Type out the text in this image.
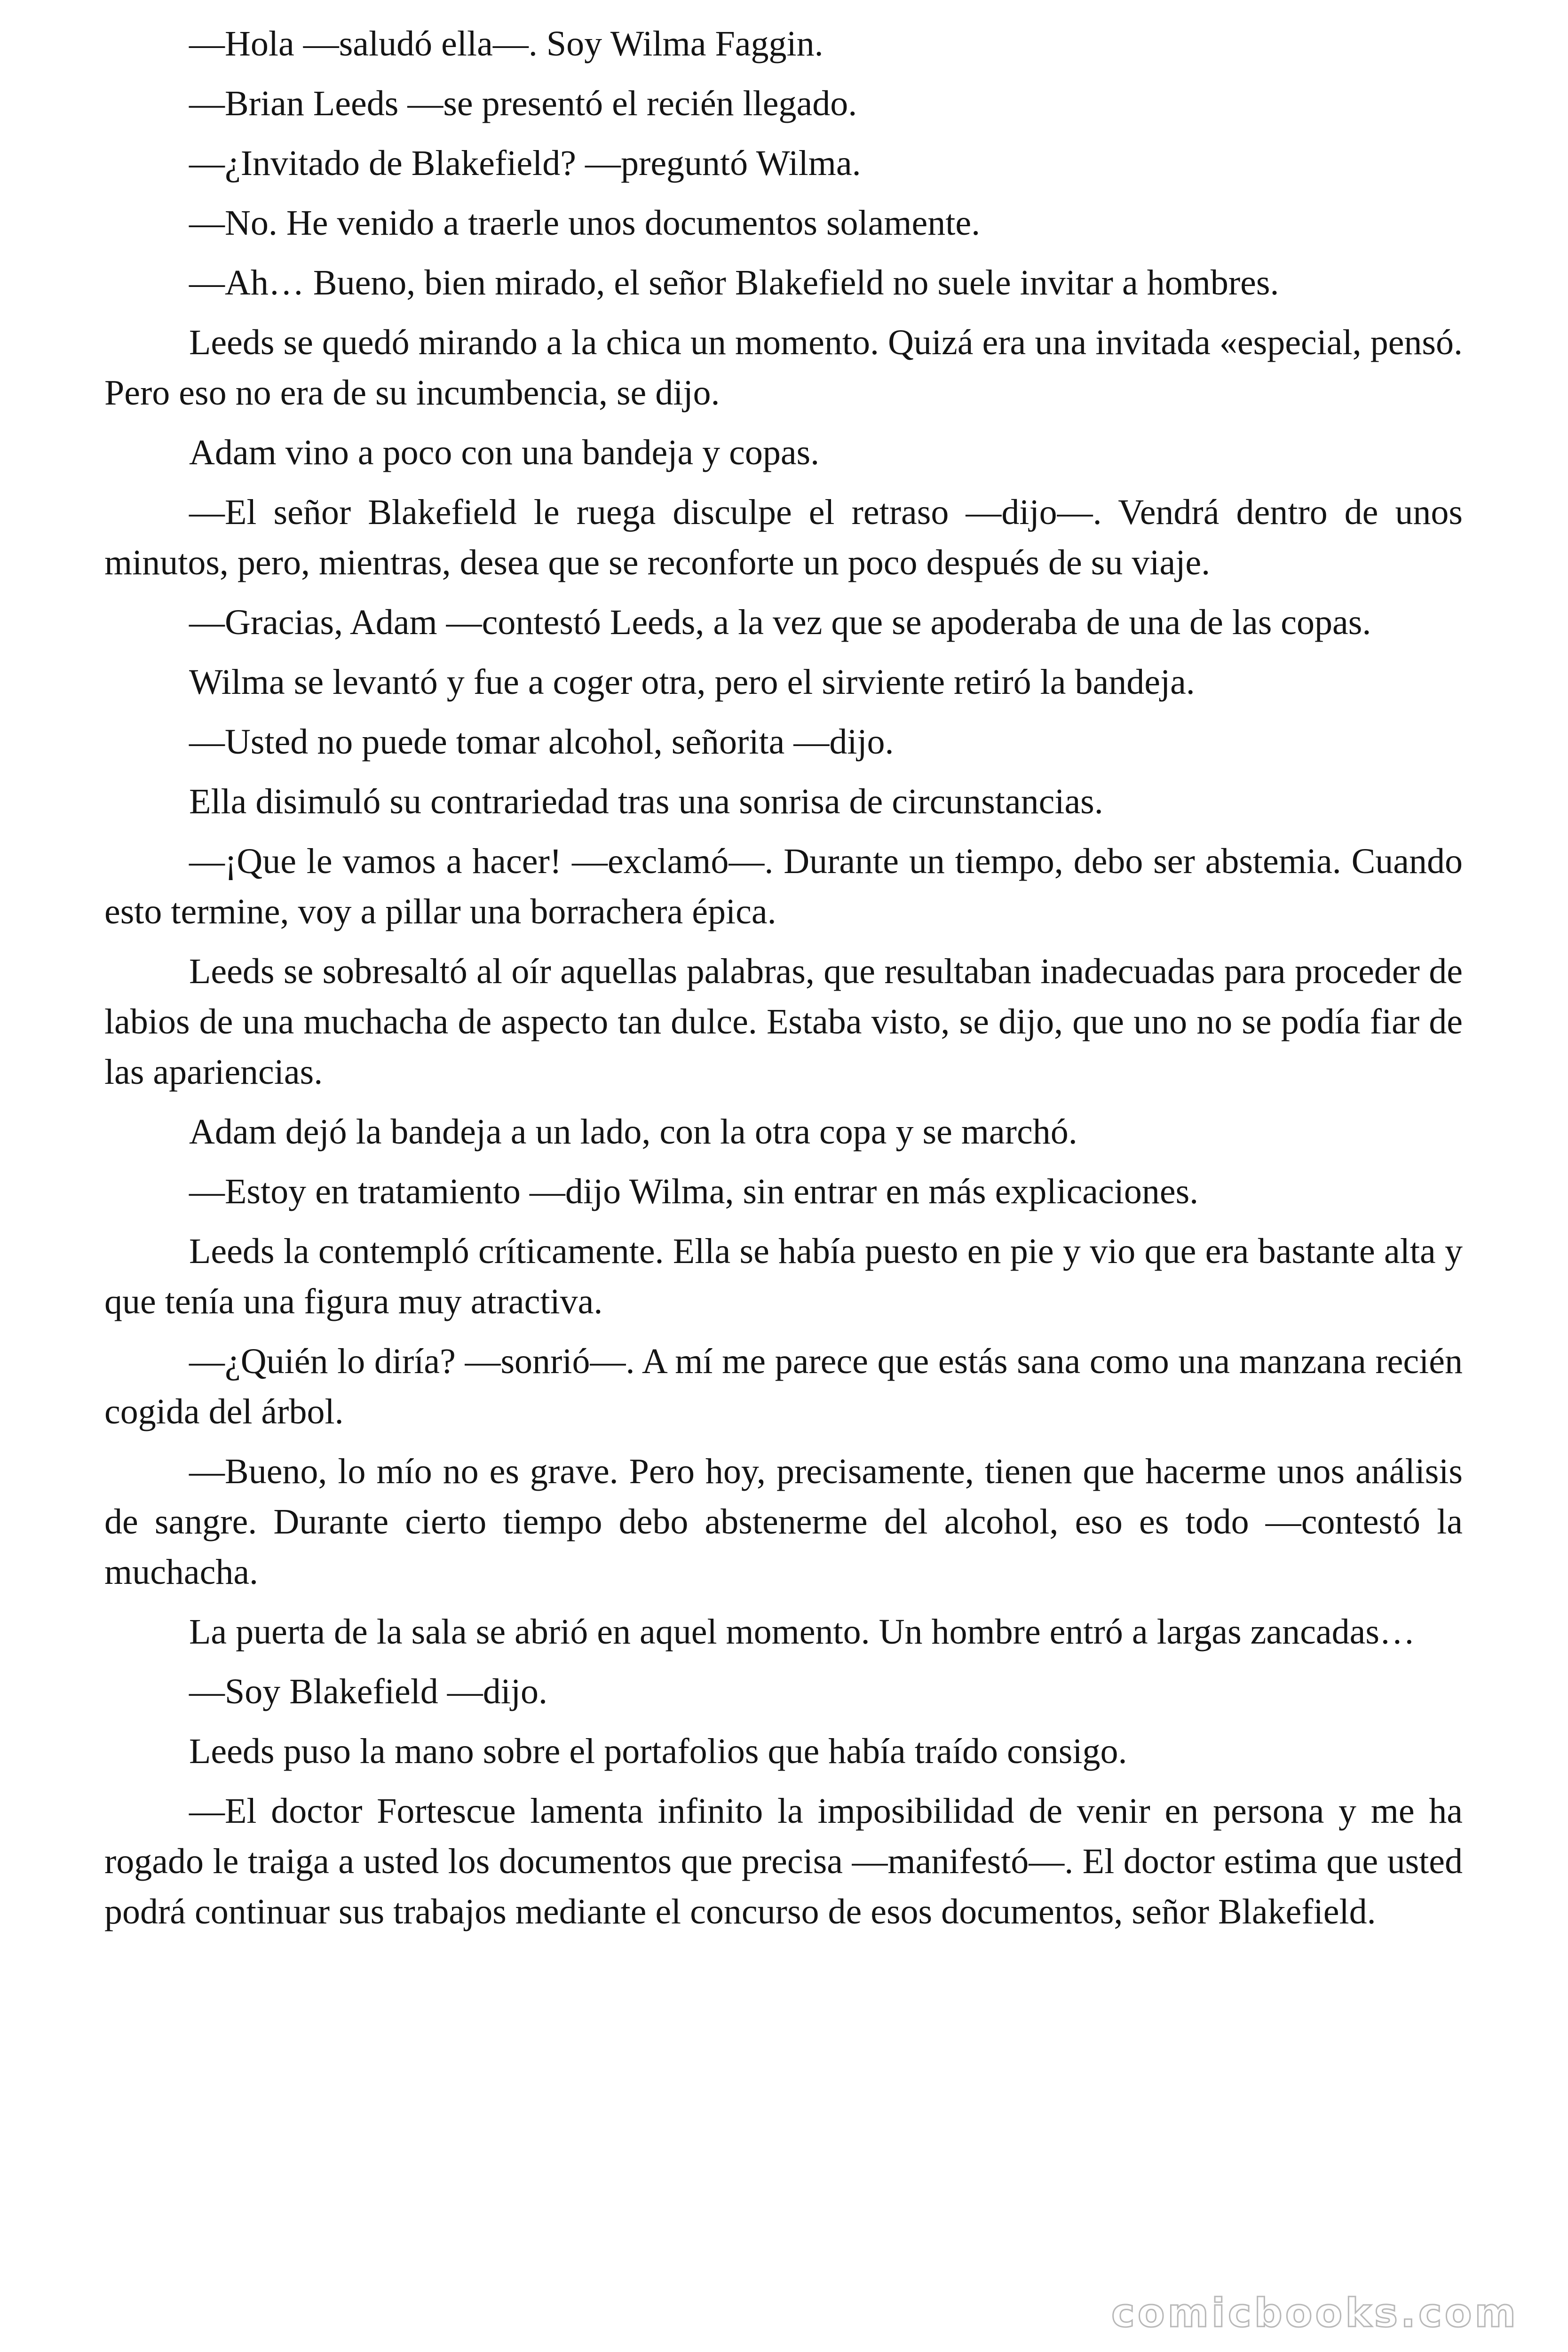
—Hola —saludó ella—. Soy Wilma Faggin.

—Brian Leeds —se presentó el recién llegado.

—¿Invitado de Blakefield? —preguntó Wilma.

—No. He venido a traerle unos documentos solamente.

—Ah… Bueno, bien mirado, el señor Blakefield no suele invitar a hombres.

Leeds se quedó mirando a la chica un momento. Quizá era una invitada «especial, pensó. Pero eso no era de su incumbencia, se dijo.

Adam vino a poco con una bandeja y copas.

—El señor Blakefield le ruega disculpe el retraso —dijo—. Vendrá dentro de unos minutos, pero, mientras, desea que se reconforte un poco después de su viaje.

—Gracias, Adam —contestó Leeds, a la vez que se apoderaba de una de las copas.

Wilma se levantó y fue a coger otra, pero el sirviente retiró la bandeja.

—Usted no puede tomar alcohol, señorita —dijo.

Ella disimuló su contrariedad tras una sonrisa de circunstancias.

—¡Que le vamos a hacer! —exclamó—. Durante un tiempo, debo ser abstemia. Cuando esto termine, voy a pillar una borrachera épica.

Leeds se sobresaltó al oír aquellas palabras, que resultaban inadecuadas para proceder de labios de una muchacha de aspecto tan dulce. Estaba visto, se dijo, que uno no se podía fiar de las apariencias.

Adam dejó la bandeja a un lado, con la otra copa y se marchó.

—Estoy en tratamiento —dijo Wilma, sin entrar en más explicaciones.

Leeds la contempló críticamente. Ella se había puesto en pie y vio que era bastante alta y que tenía una figura muy atractiva.

—¿Quién lo diría? —sonrió—. A mí me parece que estás sana como una manzana recién cogida del árbol.

—Bueno, lo mío no es grave. Pero hoy, precisamente, tienen que hacerme unos análisis de sangre. Durante cierto tiempo debo abstenerme del alcohol, eso es todo —contestó la muchacha.

La puerta de la sala se abrió en aquel momento. Un hombre entró a largas zancadas…

—Soy Blakefield —dijo.

Leeds puso la mano sobre el portafolios que había traído consigo.

—El doctor Fortescue lamenta infinito la imposibilidad de venir en persona y me ha rogado le traiga a usted los documentos que precisa —manifestó—. El doctor estima que usted podrá continuar sus trabajos mediante el concurso de esos documentos, señor Blakefield.

comicbooks.com
